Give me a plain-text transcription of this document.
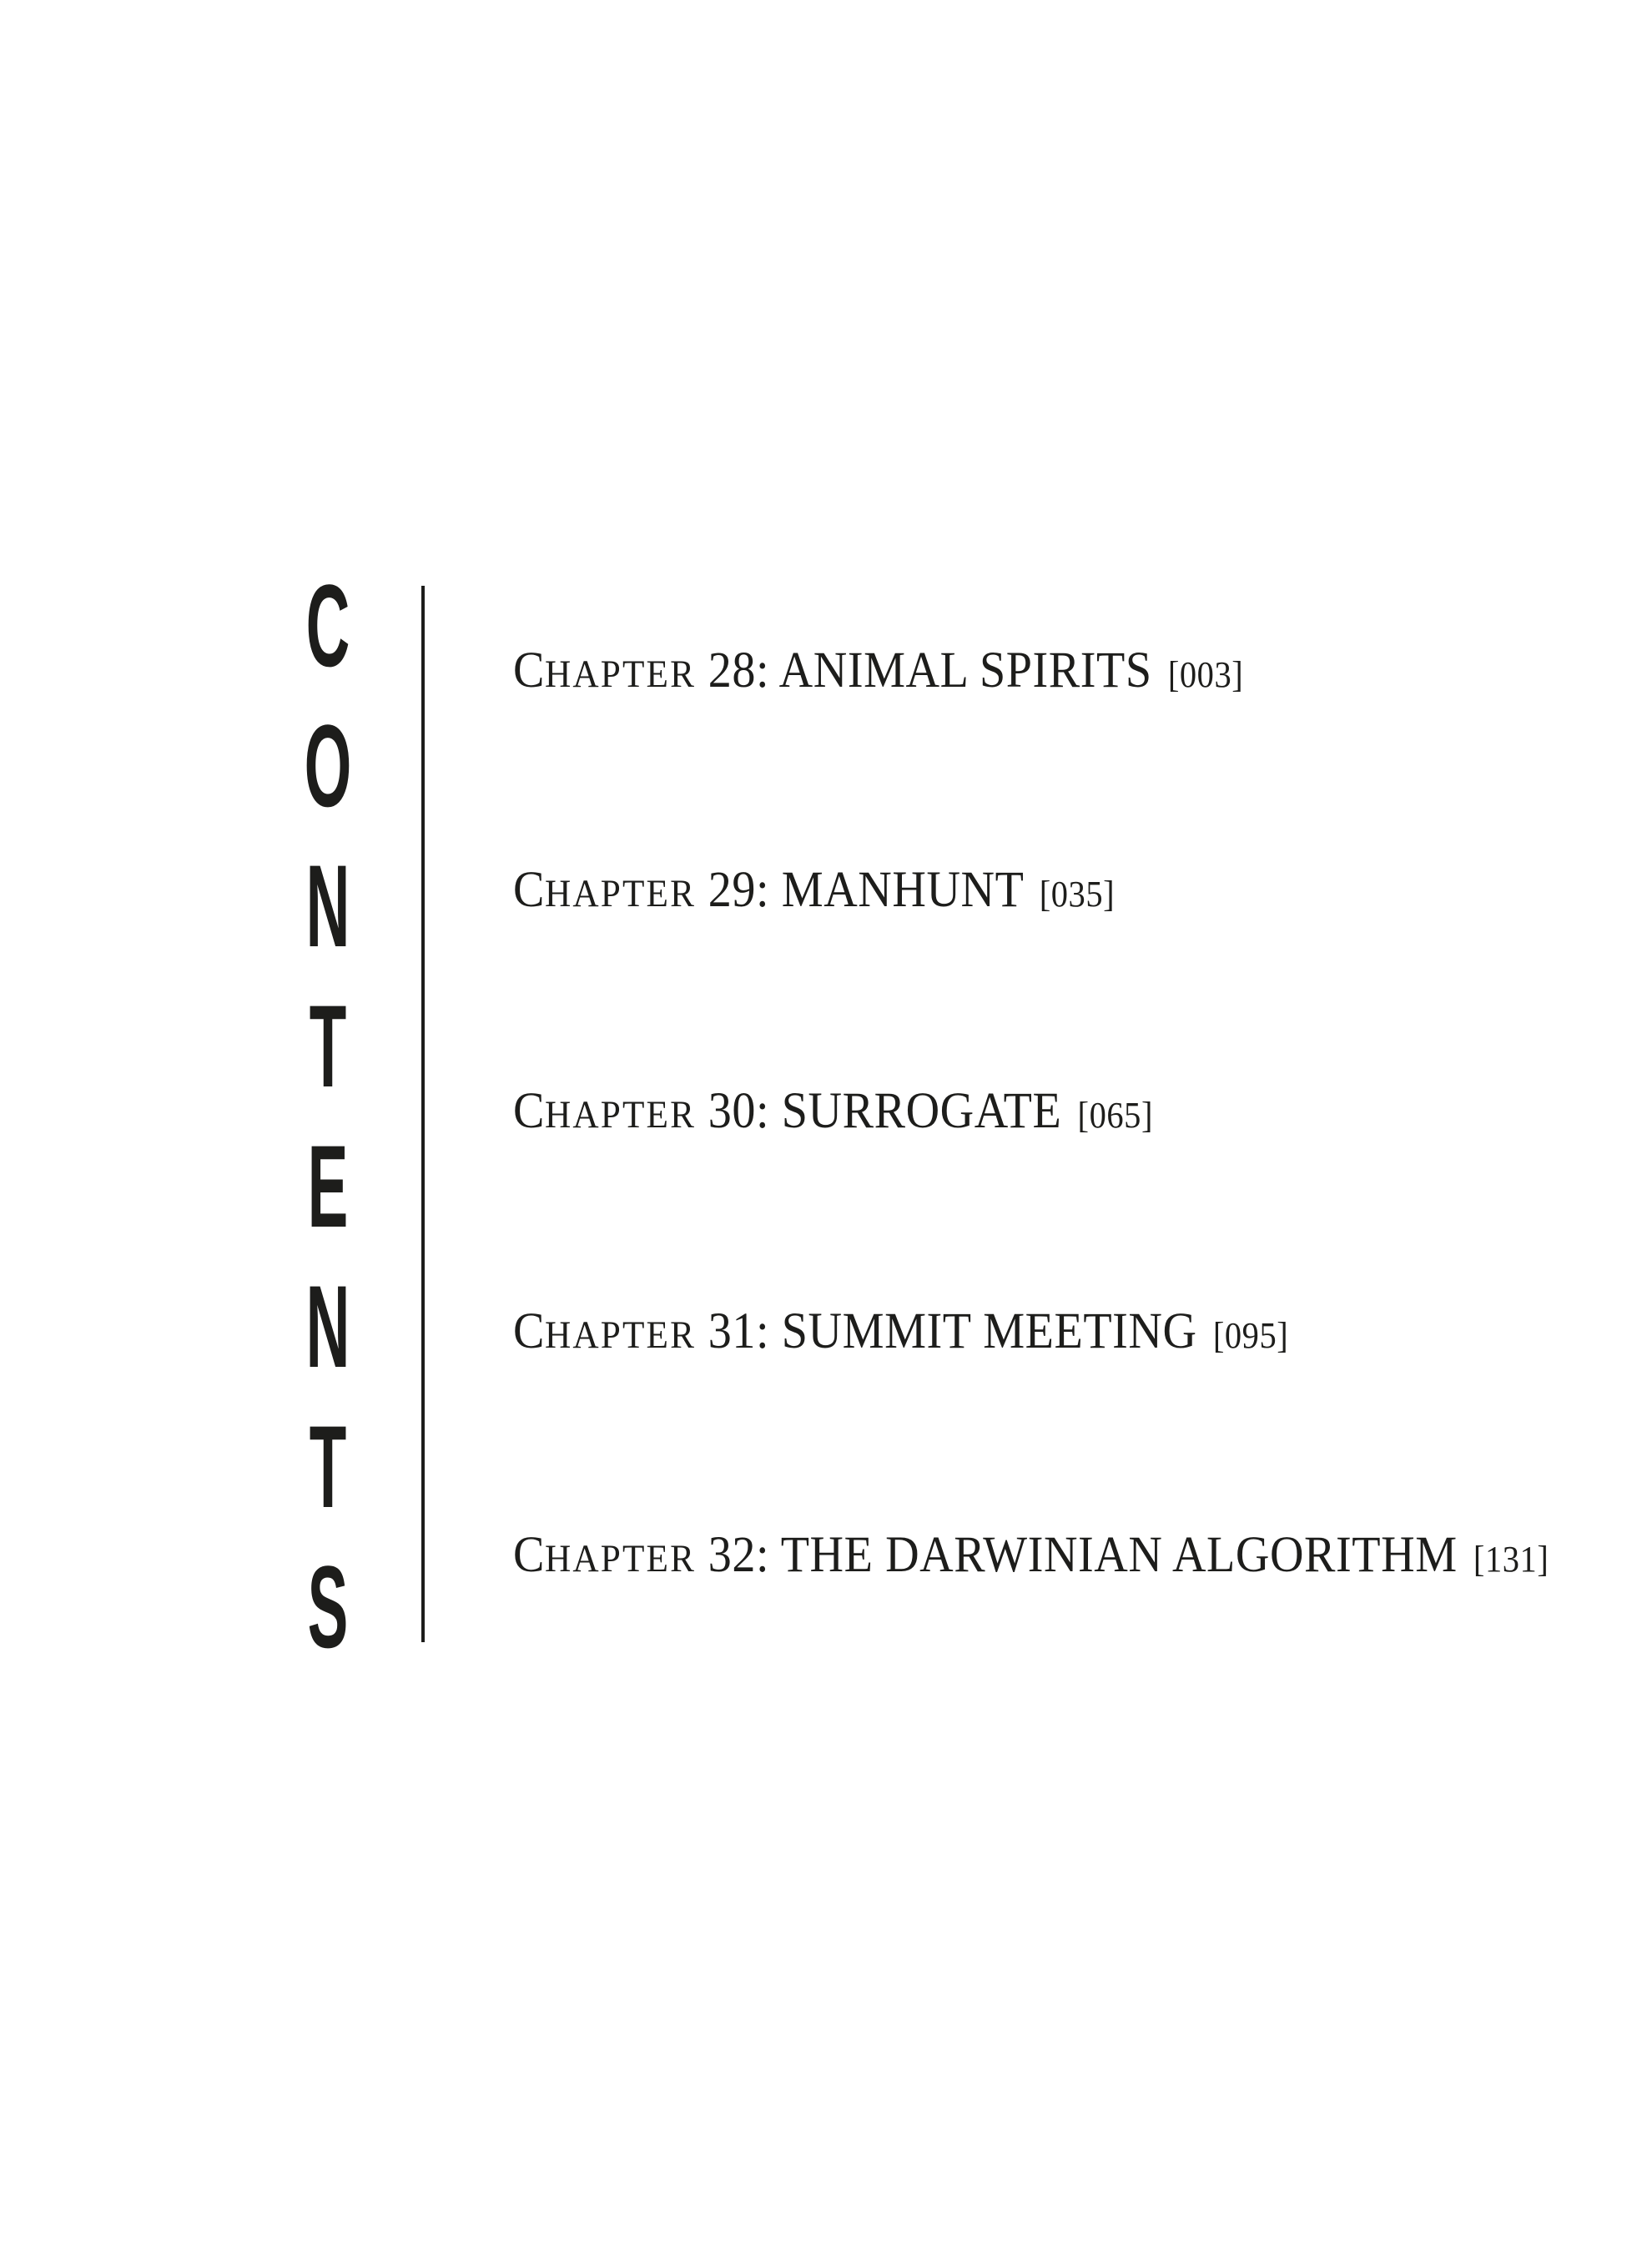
C
O
N
T
E
N
T
S
CHAPTER 28: ANIMAL SPIRITS [003]
CHAPTER 29: MANHUNT [035]
CHAPTER 30: SURROGATE [065]
CHAPTER 31: SUMMIT MEETING [095]
CHAPTER 32: THE DARWINIAN ALGORITHM [131]
